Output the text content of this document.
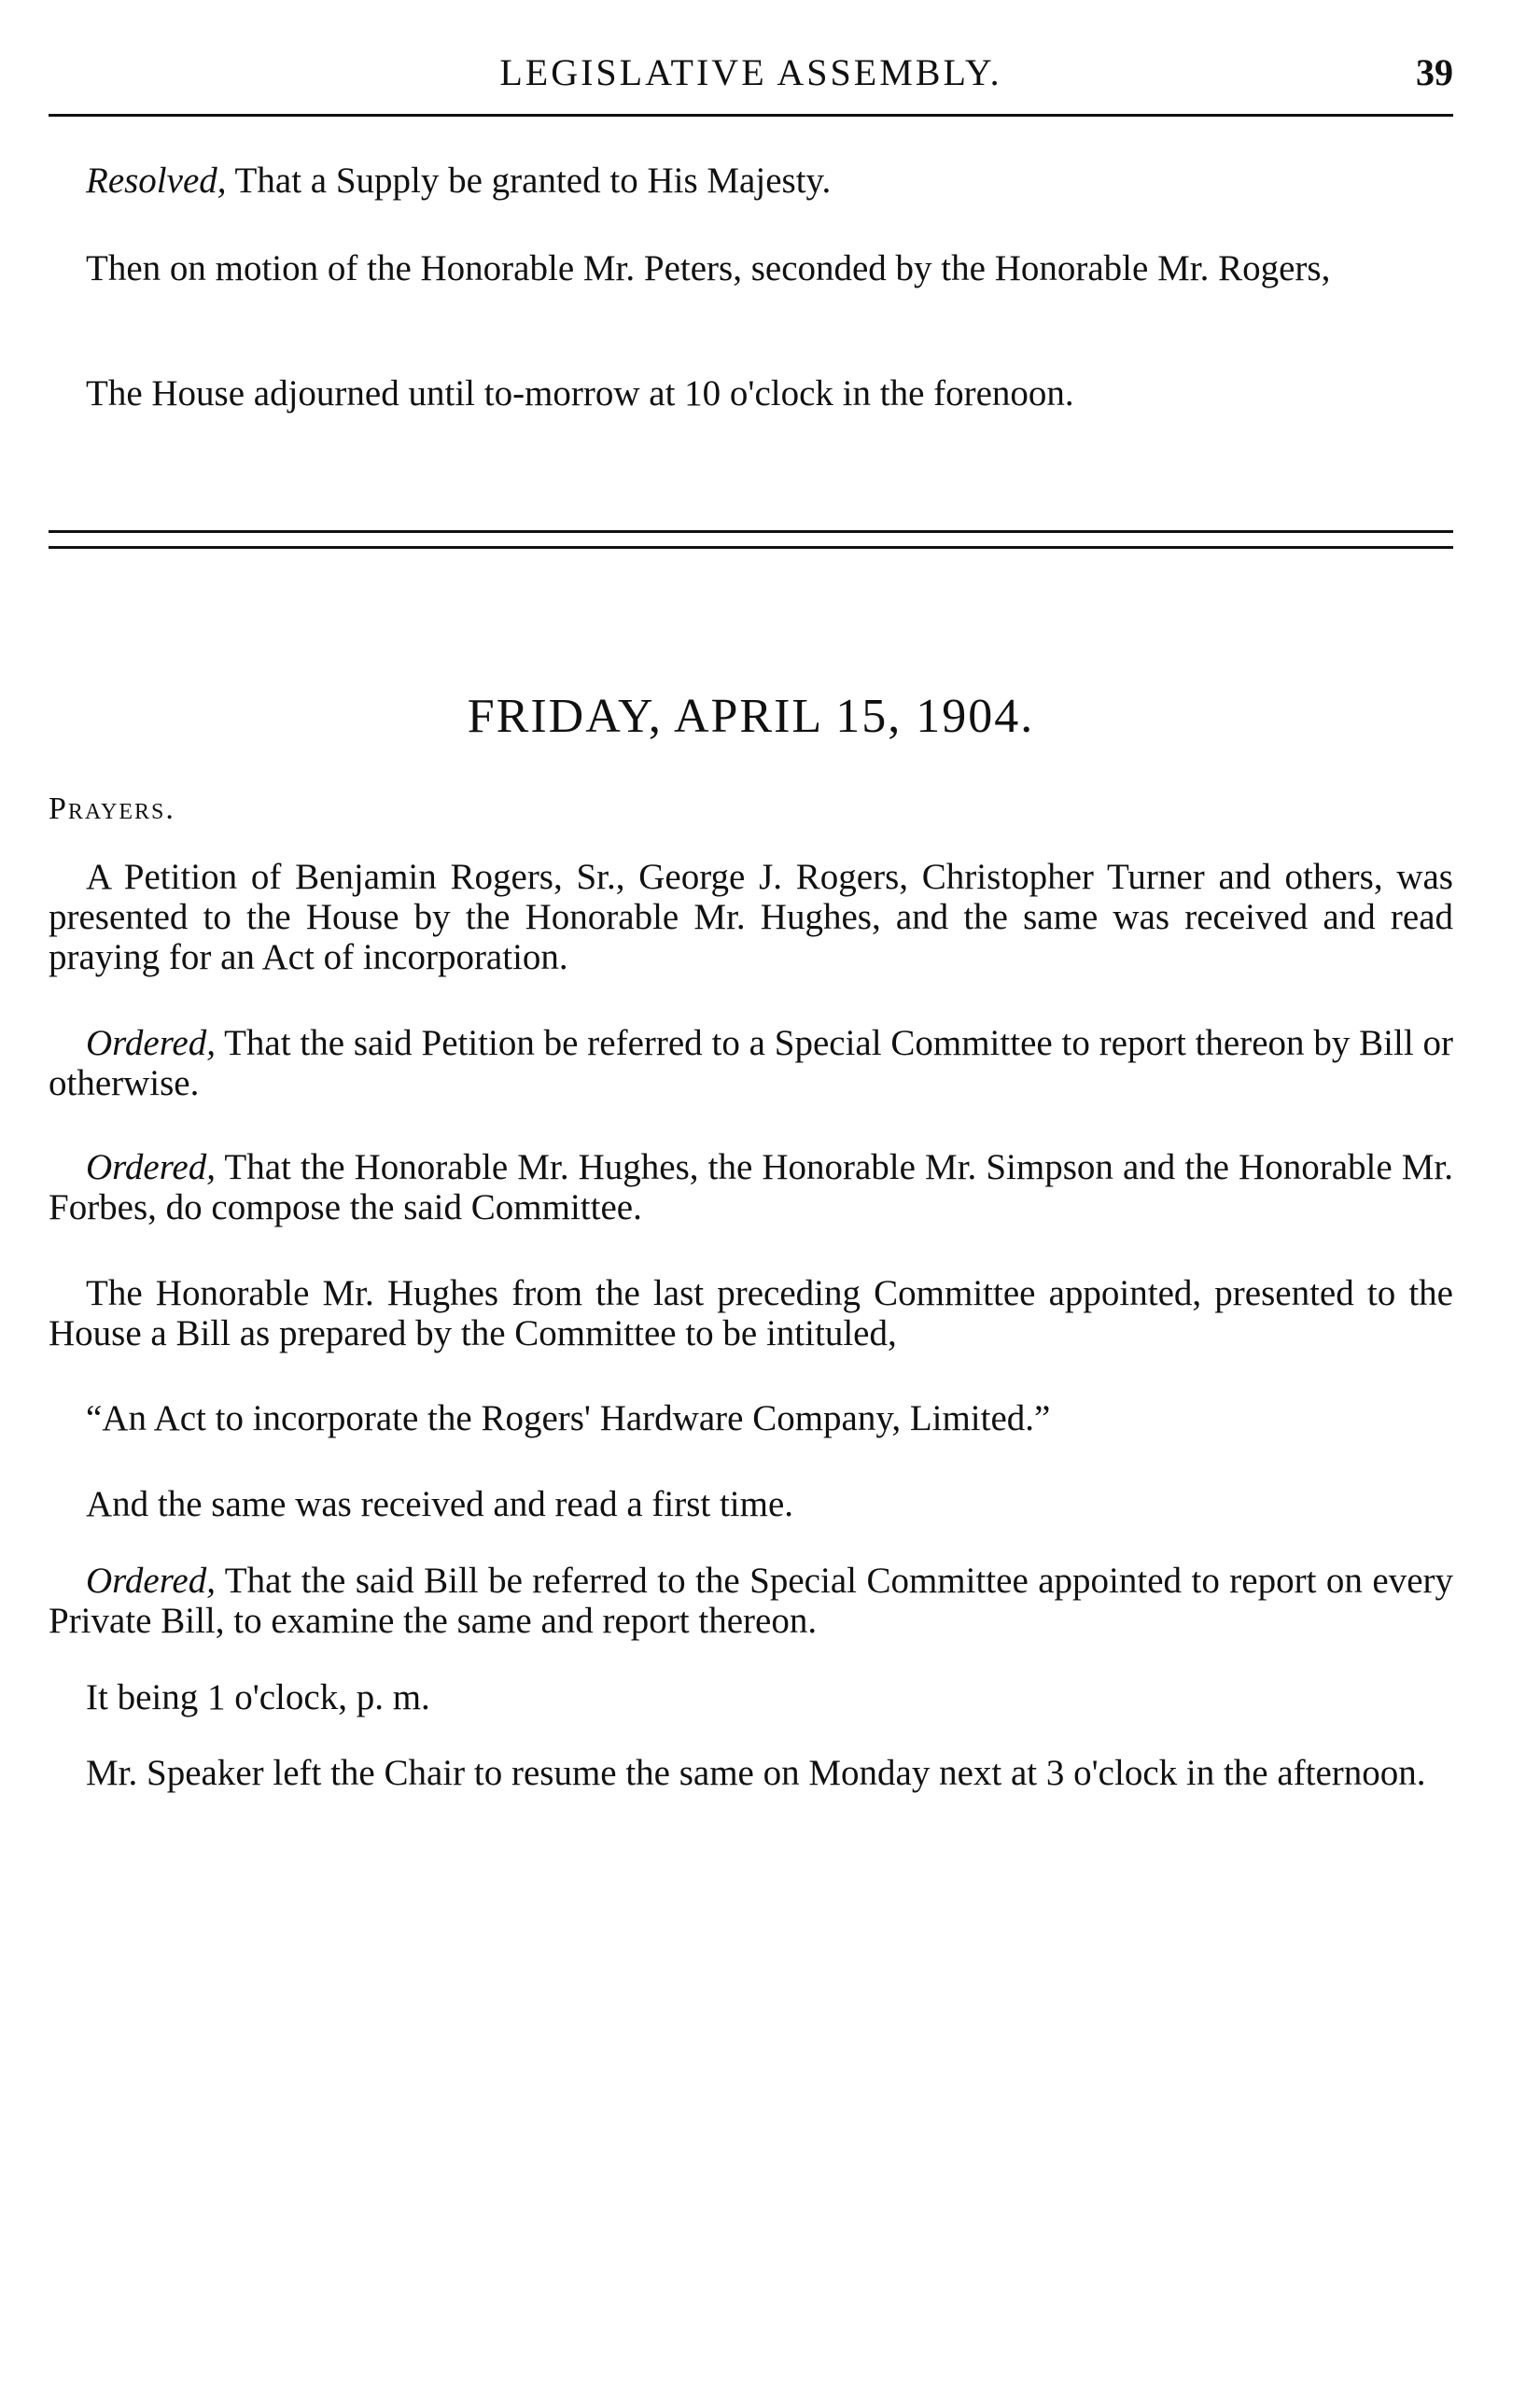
LEGISLATIVE ASSEMBLY.	39

Resolved, That a Supply be granted to His Majesty.

Then on motion of the Honorable Mr. Peters, seconded by the Honorable Mr. Rogers,

The House adjourned until to-morrow at 10 o'clock in the forenoon.

FRIDAY, APRIL 15, 1904.
Prayers.

A Petition of Benjamin Rogers, Sr., George J. Rogers, Christopher Turner and others, was presented to the House by the Honorable Mr. Hughes, and the same was received and read praying for an Act of incorporation.

Ordered, That the said Petition be referred to a Special Committee to report thereon by Bill or otherwise.

Ordered, That the Honorable Mr. Hughes, the Honorable Mr. Simpson and the Honorable Mr. Forbes, do compose the said Committee.

The Honorable Mr. Hughes from the last preceding Committee appointed, presented to the House a Bill as prepared by the Committee to be intituled,

“An Act to incorporate the Rogers' Hardware Company, Limited.”

And the same was received and read a first time.

Ordered, That the said Bill be referred to the Special Committee appointed to report on every Private Bill, to examine the same and report thereon.

It being 1 o'clock, p. m.

Mr. Speaker left the Chair to resume the same on Monday next at 3 o'clock in the afternoon.
